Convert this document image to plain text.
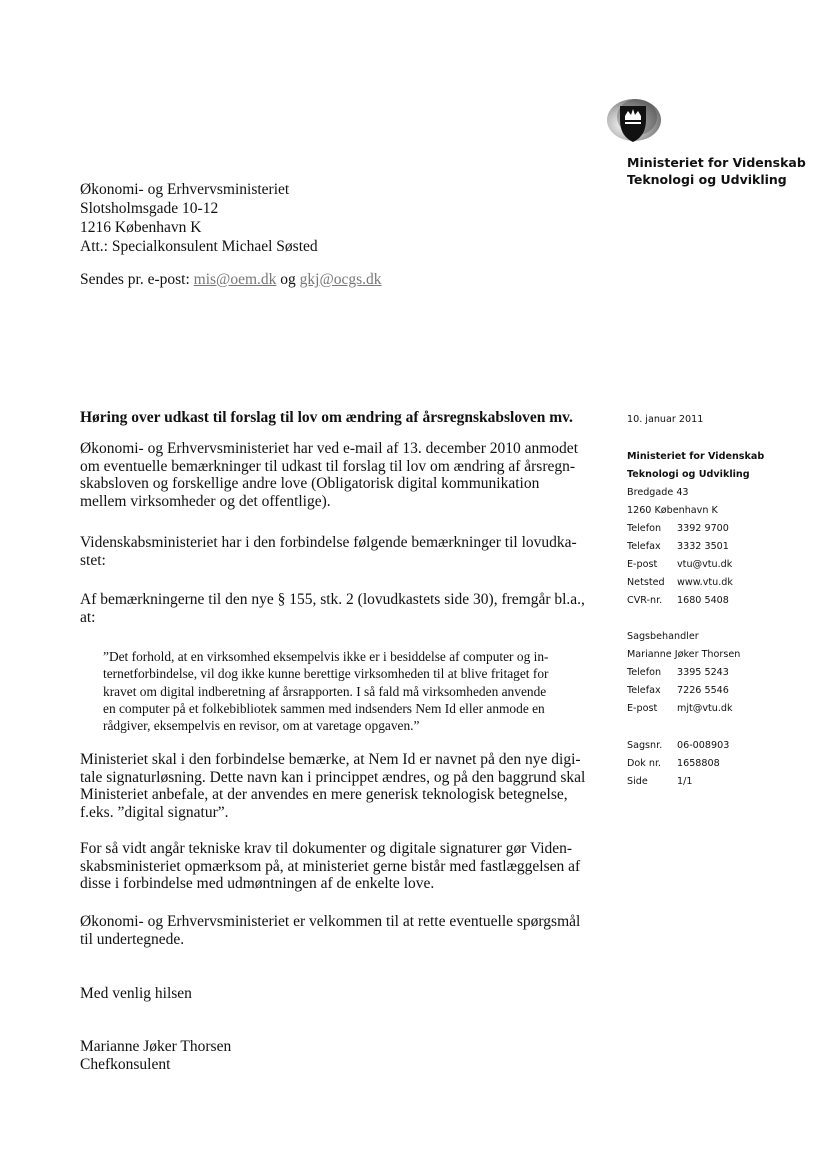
Ministeriet for Videnskab
Teknologi og Udvikling
Økonomi- og Erhvervsministeriet
Slotsholmsgade 10-12
1216 København K
Att.: Specialkonsulent Michael Søsted
Sendes pr. e-post: mis@oem.dk og gkj@ocgs.dk
Høring over udkast til forslag til lov om ændring af årsregnskabsloven mv.
Økonomi- og Erhvervsministeriet har ved e-mail af 13. december 2010 anmodet
om eventuelle bemærkninger til udkast til forslag til lov om ændring af årsregn-
skabsloven og forskellige andre love (Obligatorisk digital kommunikation
mellem virksomheder og det offentlige).
Videnskabsministeriet har i den forbindelse følgende bemærkninger til lovudka-
stet:
Af bemærkningerne til den nye § 155, stk. 2 (lovudkastets side 30), fremgår bl.a.,
at:
”Det forhold, at en virksomhed eksempelvis ikke er i besiddelse af computer og in-
ternetforbindelse, vil dog ikke kunne berettige virksomheden til at blive fritaget for
kravet om digital indberetning af årsrapporten. I så fald må virksomheden anvende
en computer på et folkebibliotek sammen med indsenders Nem Id eller anmode en
rådgiver, eksempelvis en revisor, om at varetage opgaven.”
Ministeriet skal i den forbindelse bemærke, at Nem Id er navnet på den nye digi-
tale signaturløsning. Dette navn kan i princippet ændres, og på den baggrund skal
Ministeriet anbefale, at der anvendes en mere generisk teknologisk betegnelse,
f.eks. ”digital signatur”.
For så vidt angår tekniske krav til dokumenter og digitale signaturer gør Viden-
skabsministeriet opmærksom på, at ministeriet gerne bistår med fastlæggelsen af
disse i forbindelse med udmøntningen af de enkelte love.
Økonomi- og Erhvervsministeriet er velkommen til at rette eventuelle spørgsmål
til undertegnede.
Med venlig hilsen
Marianne Jøker Thorsen
Chefkonsulent
10. januar 2011
Ministeriet for Videnskab
Teknologi og Udvikling
Bredgade 43
1260 København K
Telefon 3392 9700
Telefax 3332 3501
E-post vtu@vtu.dk
Netsted www.vtu.dk
CVR-nr. 1680 5408
Sagsbehandler
Marianne Jøker Thorsen
Telefon 3395 5243
Telefax 7226 5546
E-post mjt@vtu.dk
Sagsnr. 06-008903
Dok nr. 1658808
Side	1/1
